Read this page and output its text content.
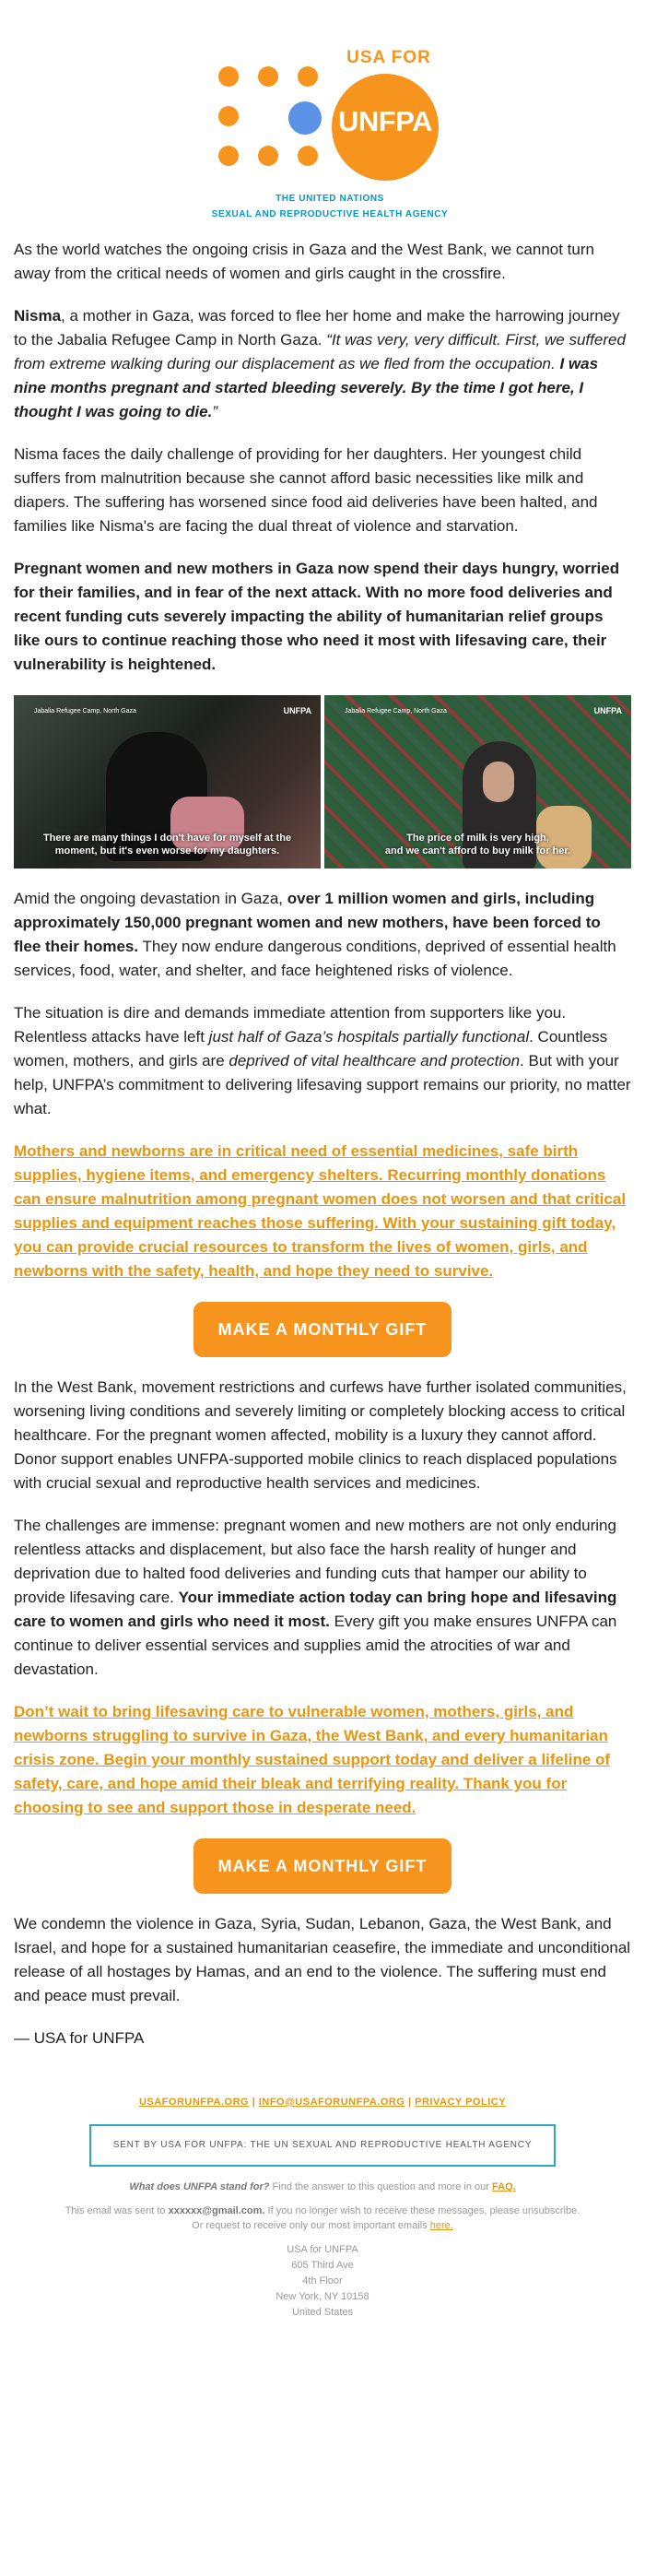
USA FOR
UNFPA
THE UNITED NATIONS
SEXUAL AND REPRODUCTIVE HEALTH AGENCY

As the world watches the ongoing crisis in Gaza and the West Bank, we cannot turn away from the critical needs of women and girls caught in the crossfire.

Nisma, a mother in Gaza, was forced to flee her home and make the harrowing journey to the Jabalia Refugee Camp in North Gaza. “It was very, very difficult. First, we suffered from extreme walking during our displacement as we fled from the occupation. I was nine months pregnant and started bleeding severely. By the time I got here, I thought I was going to die.”

Nisma faces the daily challenge of providing for her daughters. Her youngest child suffers from malnutrition because she cannot afford basic necessities like milk and diapers. The suffering has worsened since food aid deliveries have been halted, and families like Nisma's are facing the dual threat of violence and starvation.

Pregnant women and new mothers in Gaza now spend their days hungry, worried for their families, and in fear of the next attack. With no more food deliveries and recent funding cuts severely impacting the ability of humanitarian relief groups like ours to continue reaching those who need it most with lifesaving care, their vulnerability is heightened.

Jabalia Refugee Camp, North Gaza	UNFPA
There are many things I don't have for myself at the
moment, but it's even worse for my daughters.
Jabalia Refugee Camp, North Gaza	UNFPA
The price of milk is very high,
and we can't afford to buy milk for her.

Amid the ongoing devastation in Gaza, over 1 million women and girls, including approximately 150,000 pregnant women and new mothers, have been forced to flee their homes. They now endure dangerous conditions, deprived of essential health services, food, water, and shelter, and face heightened risks of violence.

The situation is dire and demands immediate attention from supporters like you. Relentless attacks have left just half of Gaza’s hospitals partially functional. Countless women, mothers, and girls are deprived of vital healthcare and protection. But with your help, UNFPA’s commitment to delivering lifesaving support remains our priority, no matter what.

Mothers and newborns are in critical need of essential medicines, safe birth supplies, hygiene items, and emergency shelters. Recurring monthly donations can ensure malnutrition among pregnant women does not worsen and that critical supplies and equipment reaches those suffering. With your sustaining gift today, you can provide crucial resources to transform the lives of women, girls, and newborns with the safety, health, and hope they need to survive.

MAKE A MONTHLY GIFT

In the West Bank, movement restrictions and curfews have further isolated communities, worsening living conditions and severely limiting or completely blocking access to critical healthcare. For the pregnant women affected, mobility is a luxury they cannot afford. Donor support enables UNFPA-supported mobile clinics to reach displaced populations with crucial sexual and reproductive health services and medicines.

The challenges are immense: pregnant women and new mothers are not only enduring relentless attacks and displacement, but also face the harsh reality of hunger and deprivation due to halted food deliveries and funding cuts that hamper our ability to provide lifesaving care. Your immediate action today can bring hope and lifesaving care to women and girls who need it most. Every gift you make ensures UNFPA can continue to deliver essential services and supplies amid the atrocities of war and devastation.

Don’t wait to bring lifesaving care to vulnerable women, mothers, girls, and newborns struggling to survive in Gaza, the West Bank, and every humanitarian crisis zone. Begin your monthly sustained support today and deliver a lifeline of safety, care, and hope amid their bleak and terrifying reality. Thank you for choosing to see and support those in desperate need.

MAKE A MONTHLY GIFT

We condemn the violence in Gaza, Syria, Sudan, Lebanon, Gaza, the West Bank, and Israel, and hope for a sustained humanitarian ceasefire, the immediate and unconditional release of all hostages by Hamas, and an end to the violence. The suffering must end and peace must prevail.

— USA for UNFPA

USAFORUNFPA.ORG | INFO@USAFORUNFPA.ORG | PRIVACY POLICY
SENT BY USA FOR UNFPA: THE UN SEXUAL AND REPRODUCTIVE HEALTH AGENCY
What does UNFPA stand for? Find the answer to this question and more in our FAQ.
This email was sent to xxxxxx@gmail.com. If you no longer wish to receive these messages, please unsubscribe. Or request to receive only our most important emails here.
USA for UNFPA
605 Third Ave
4th Floor
New York, NY 10158
United States
